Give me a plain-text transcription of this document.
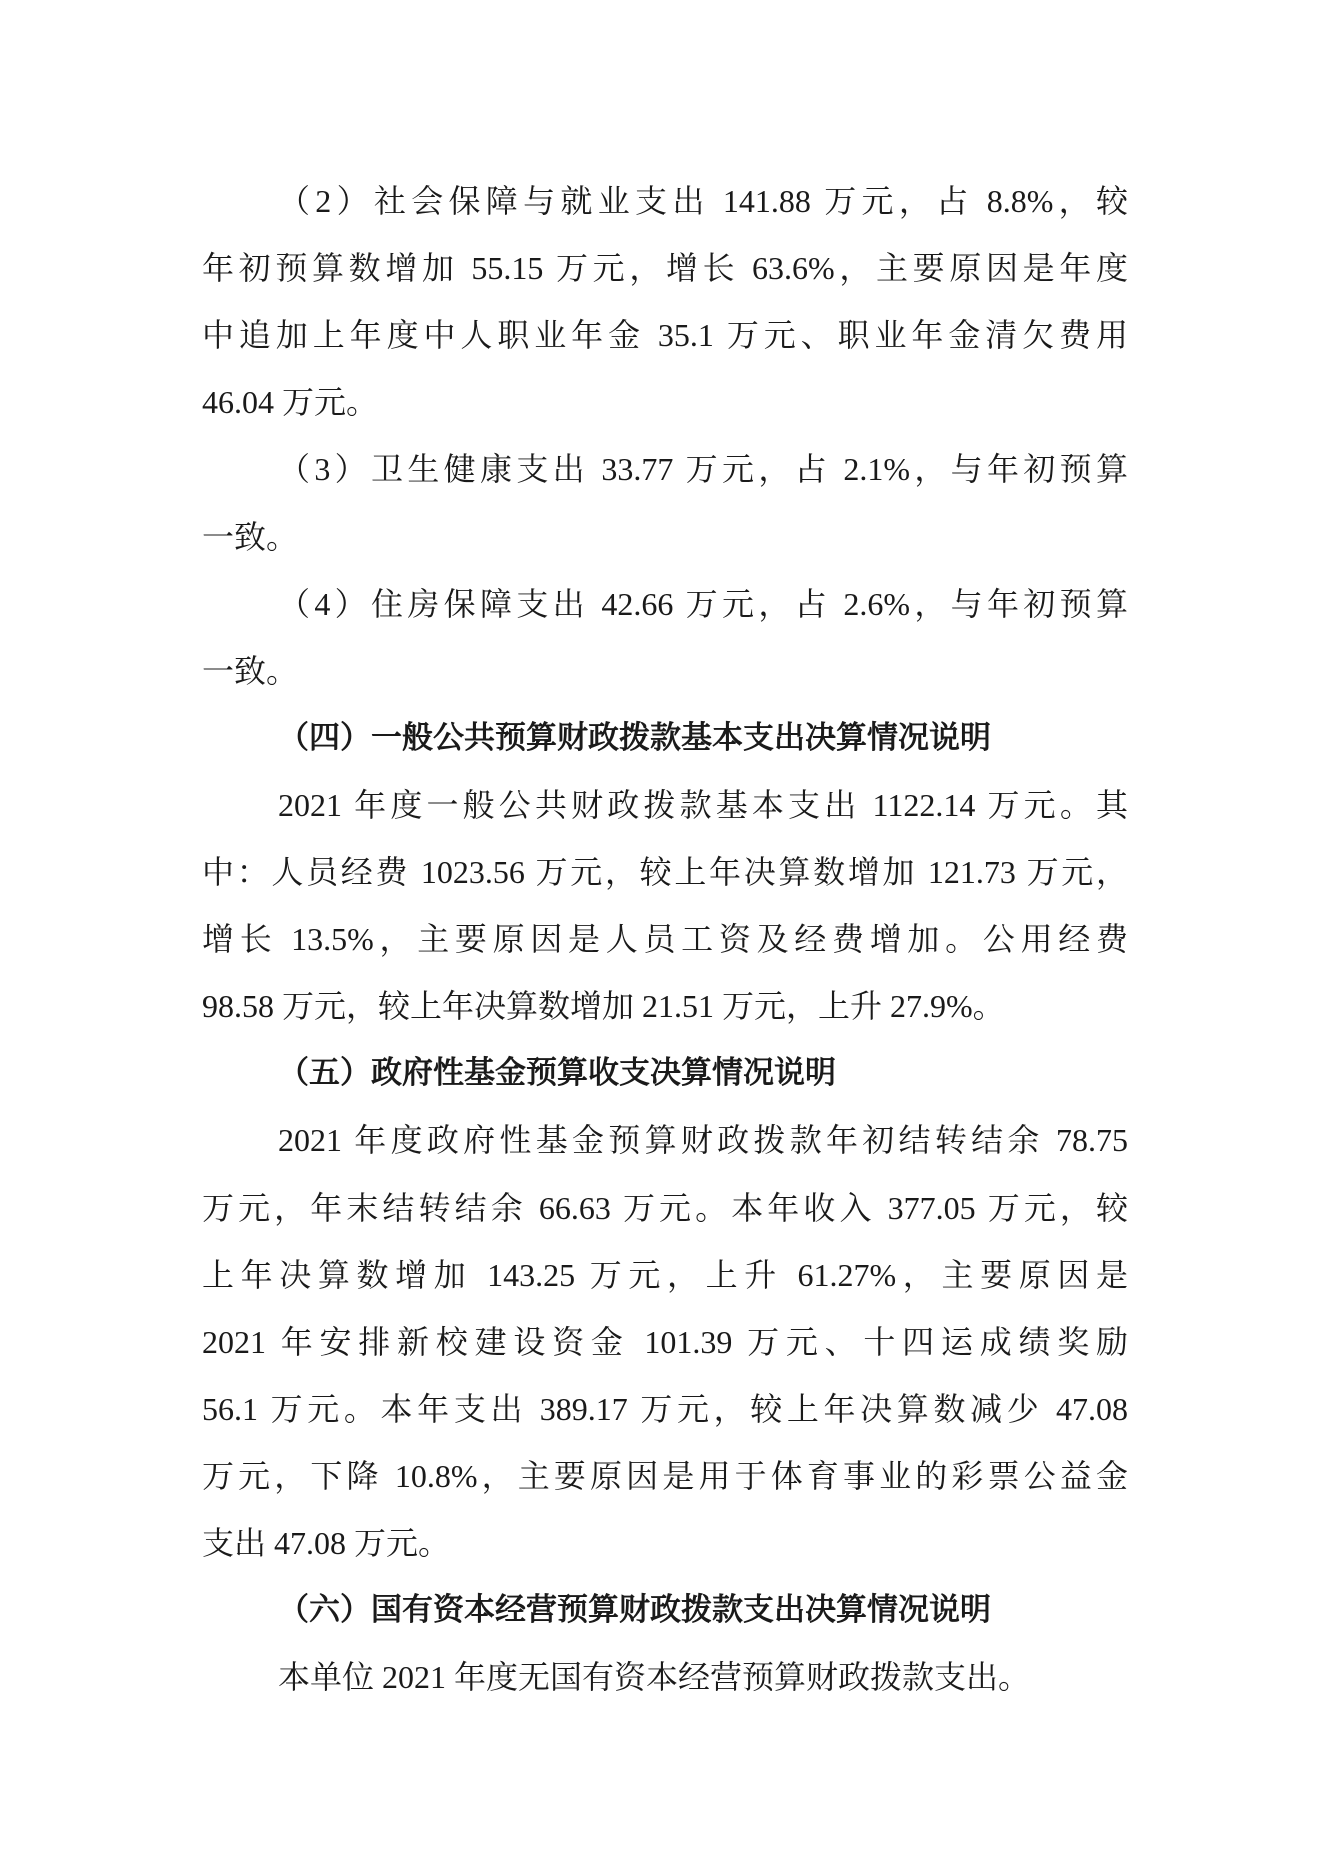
（2）社会保障与就业支出 141.88 万元，占 8.8%，较
年初预算数增加 55.15 万元，增长 63.6%，主要原因是年度
中追加上年度中人职业年金 35.1 万元、职业年金清欠费用
46.04 万元。
（3）卫生健康支出 33.77 万元，占 2.1%，与年初预算
一致。
（4）住房保障支出 42.66 万元，占 2.6%，与年初预算
一致。
（四）一般公共预算财政拨款基本支出决算情况说明
2021 年度一般公共财政拨款基本支出 1122.14 万元。其
中：人员经费 1023.56 万元，较上年决算数增加 121.73 万元，
增长 13.5%，主要原因是人员工资及经费增加。公用经费
98.58 万元，较上年决算数增加 21.51 万元，上升 27.9%。
（五）政府性基金预算收支决算情况说明
2021 年度政府性基金预算财政拨款年初结转结余 78.75
万元，年末结转结余 66.63 万元。本年收入 377.05 万元，较
上年决算数增加 143.25 万元，上升 61.27%，主要原因是
2021 年安排新校建设资金 101.39 万元、十四运成绩奖励
56.1 万元。本年支出 389.17 万元，较上年决算数减少 47.08
万元，下降 10.8%，主要原因是用于体育事业的彩票公益金
支出 47.08 万元。
（六）国有资本经营预算财政拨款支出决算情况说明
本单位 2021 年度无国有资本经营预算财政拨款支出。
